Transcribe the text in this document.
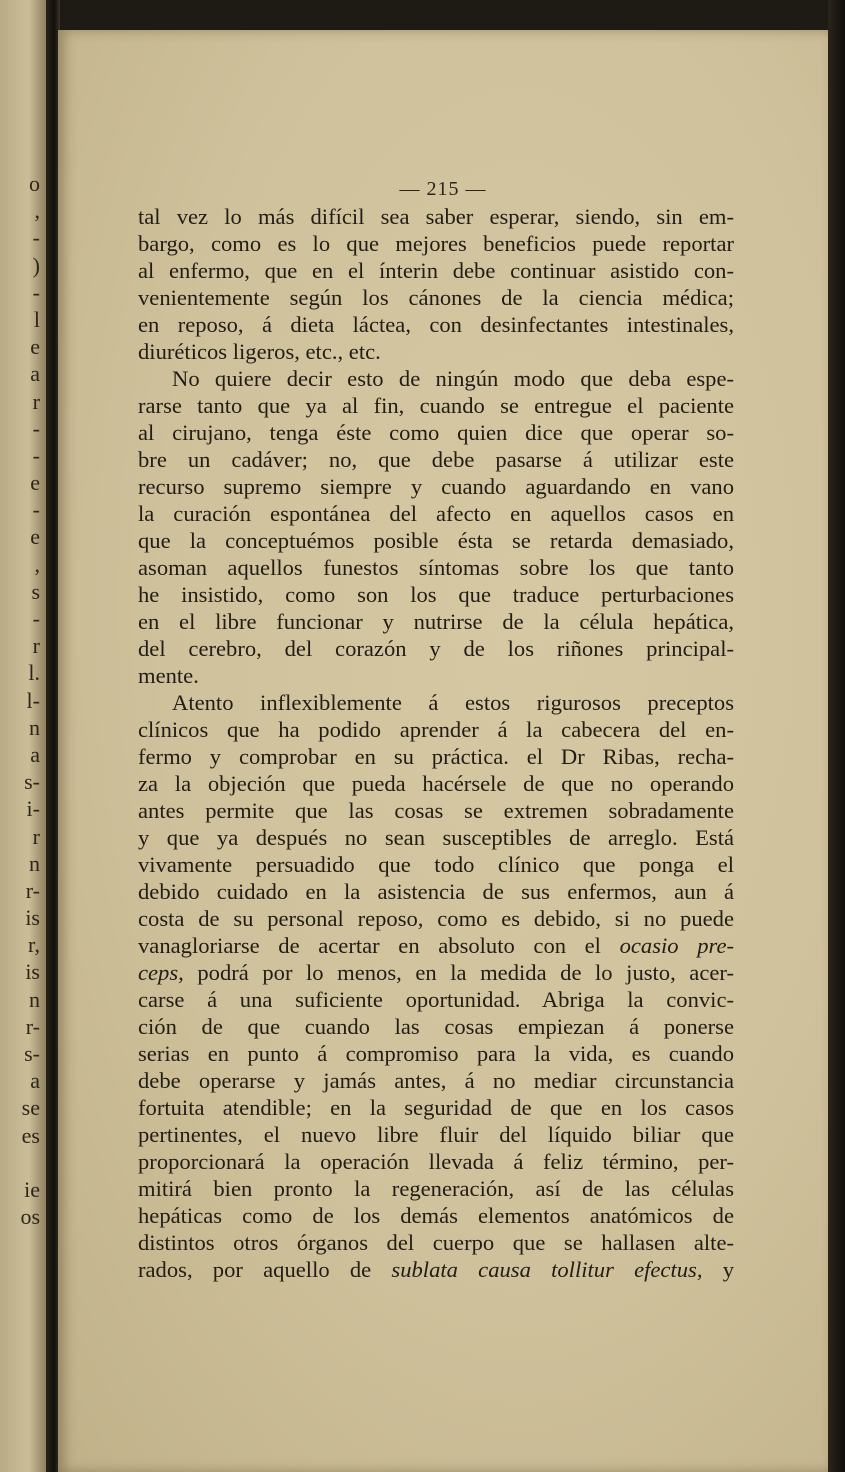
o
,
-
)
-
l
e
a
r
-
-
e
-
e
,
s
-
r
l.
l-
n
a
s-
i-
r
n
r-
is
r,
is
n
r-
s-
a
se
es
ie
os
— 215 —
tal vez lo más difícil sea saber esperar, siendo, sin em-
bargo, como es lo que mejores beneficios puede reportar
al enfermo, que en el ínterin debe continuar asistido con-
venientemente según los cánones de la ciencia médica;
en reposo, á dieta láctea, con desinfectantes intestinales,
diuréticos ligeros, etc., etc.
No quiere decir esto de ningún modo que deba espe-
rarse tanto que ya al fin, cuando se entregue el paciente
al cirujano, tenga éste como quien dice que operar so-
bre un cadáver; no, que debe pasarse á utilizar este
recurso supremo siempre y cuando aguardando en vano
la curación espontánea del afecto en aquellos casos en
que la conceptuémos posible ésta se retarda demasiado,
asoman aquellos funestos síntomas sobre los que tanto
he insistido, como son los que traduce perturbaciones
en el libre funcionar y nutrirse de la célula hepática,
del cerebro, del corazón y de los riñones principal-
mente.
Atento inflexiblemente á estos rigurosos preceptos
clínicos que ha podido aprender á la cabecera del en-
fermo y comprobar en su práctica. el Dr Ribas, recha-
za la objeción que pueda hacérsele de que no operando
antes permite que las cosas se extremen sobradamente
y que ya después no sean susceptibles de arreglo. Está
vivamente persuadido que todo clínico que ponga el
debido cuidado en la asistencia de sus enfermos, aun á
costa de su personal reposo, como es debido, si no puede
vanagloriarse de acertar en absoluto con el ocasio pre-
ceps, podrá por lo menos, en la medida de lo justo, acer-
carse á una suficiente oportunidad. Abriga la convic-
ción de que cuando las cosas empiezan á ponerse
serias en punto á compromiso para la vida, es cuando
debe operarse y jamás antes, á no mediar circunstancia
fortuita atendible; en la seguridad de que en los casos
pertinentes, el nuevo libre fluir del líquido biliar que
proporcionará la operación llevada á feliz término, per-
mitirá bien pronto la regeneración, así de las células
hepáticas como de los demás elementos anatómicos de
distintos otros órganos del cuerpo que se hallasen alte-
rados, por aquello de sublata causa tollitur efectus, y
